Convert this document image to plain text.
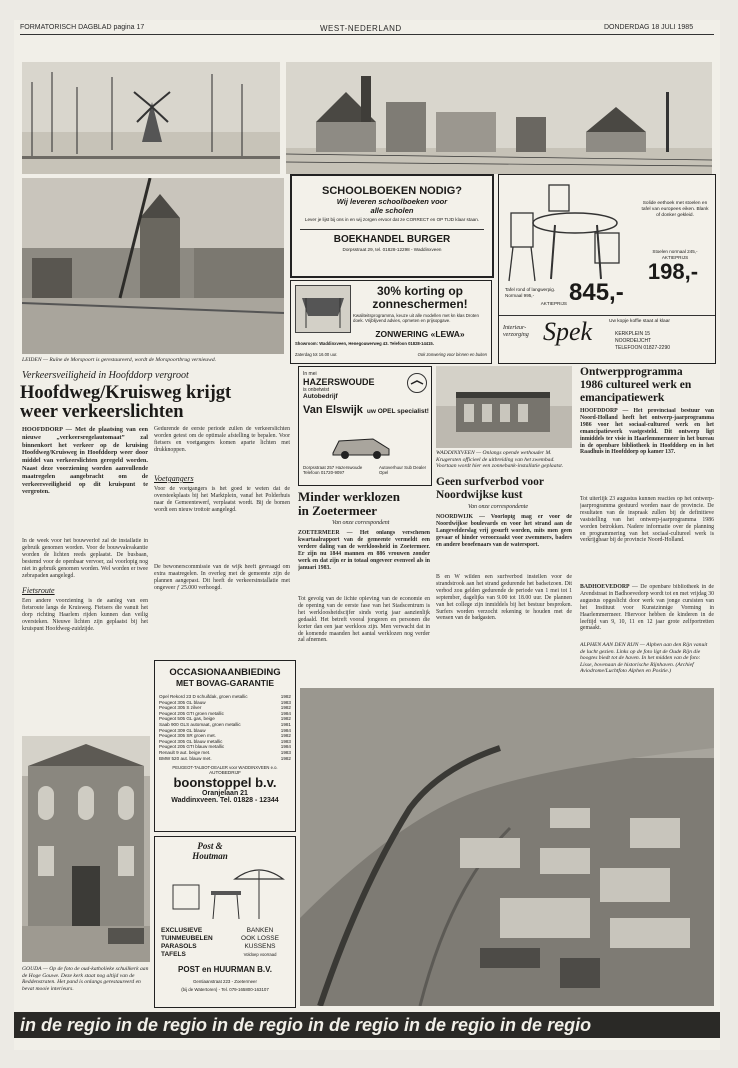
FORMATORISCH DAGBLAD pagina 17	WEST-NEDERLAND	DONDERDAG 18 JULI 1985
LEIDEN — Ruïne de Morspoort is gerestaureerd, wordt de Morspoortbrug vernieuwd.
SCHOOLBOEKEN NODIG?
Wij leveren schoolboeken voor
alle scholen
Lever je lijst bij ons in en wij zorgen ervoor dat ze CORRECT en OP TIJD klaar staan.
BOEKHANDEL BURGER
Dorpsstraat 29, tel. 01828-12298 - Waddinxveen
30% korting op zonneschermen!
Kwaliteitsprogramma, keuze uit alle modellen met kn klas Droten doek. Vrijblijvend advies, opmeten en prijsopgave.
ZONWERING «LEWA»
Showroom: Waddinxveen, Henegouwerweg 43. Telefoon 01828-14415.
Zaterdag tot 16.00 uur.	Ook zonwering voor binnen en buiten
Solide eethoek met stoelen en tafel van europees eiken. Blank of donker gekleid.
Stoelen normaal 245,- AKTIEPRIJS
198,-
Tafel rond of langwerpig. Normaal 995,-
AKTIEPRIJS 845,-
Interieur-verzorging Spek	Uw kopje koffie staat al klaar
KERKPLEIN 15
NOORDEIJCHT
TELEFOON 01827-2290
Verkeersveiligheid in Hoofddorp vergroot
Hoofdweg/Kruisweg krijgt
weer verkeerslichten
HOOFDDORP — Met de plaatsing van een nieuwe „verkeersregelautomaat” zal binnenkort het verkeer op de kruising Hoofdweg/Kruisweg in Hoofddorp weer door middel van verkeerslichten geregeld worden. Naast deze voorziening worden aanvullende maatregelen aangebracht om de verkeersveiligheid op dit kruispunt te vergroten.
In de week voor het bouwverlof zal de installatie in gebruik genomen worden. Voor de bouwvakvakantie worden de lichten reeds geplaatst. De busbaan, bestemd voor de openbaar vervoer, zal voorlopig nog niet in gebruik genomen worden. Wel worden er twee zebrapaden aangelegd.
Fietsroute
Een andere voorziening is de aanleg van een fietsroute langs de Kruisweg. Fietsers die vanuit het dorp richting Haarlem rijden kunnen dan veilig oversteken. Nieuwe lichten zijn geplaatst bij het kruispunt Hoofdweg-zuidzijde.
Gedurende de eerste periode zullen de verkeerslichten worden getest om de optimale afstelling te bepalen. Voor fietsers en voetgangers komen aparte lichten met drukknoppen.
Voetgangers
Voor de voetgangers is het goed te weten dat de oversteekplaats bij het Marktplein, vanaf het Polderhuis naar de Gemeentewerf, verplaatst wordt. Bij de bomen wordt een nieuw trottoir aangelegd.
De bewonerscommissie van de wijk heeft gevraagd om extra maatregelen. In overleg met de gemeente zijn de plannen aangepast. Dit heeft de verkeersinstallatie met ongeveer ƒ 25.000 verhoogd.
In mei
HAZERSWOUDE
is onbetwist
Autobedrijf
Van Elswijk uw OPEL specialist!
Dorpsstraat 257 Hazerswoude
Telefoon 01720-9097
Autoverhuur Sub Dealer Opel
Minder werklozen
in Zoetermeer
Van onze correspondent
ZOETERMEER — Het onlangs verschenen kwartaalrapport van de gemeente vermeldt een verdere daling van de werkloosheid in Zoetermeer. Er zijn nu 1844 mannen en 886 vrouwen zonder werk en dat zijn er in totaal ongeveer evenveel als in januari 1983.
Tot gevolg van de lichte opleving van de economie en de opening van de eerste fase van het Stadscentrum is het werkloosheidscijfer sinds vorig jaar aanzienlijk gedaald. Het betreft vooral jongeren en personen die korter dan een jaar werkloos zijn. Men verwacht dat in de komende maanden het aantal werklozen nog verder zal afnemen.
WADDINXVEEN — Onlangs opende wethouder M. Krugersten officieel de uitbreiding van het zwembad. Voortaan wordt hier een zonnebank-installatie geplaatst.
Geen surfverbod voor
Noordwijkse kust
Van onze correspondente
NOORDWIJK — Voorlopig mag er voor de Noordwijkse boulevards en voor het strand aan de Langevelderslag vrij gesurft worden, mits men geen gevaar of hinder veroorzaakt voor zwemmers, baders en andere beoefenaars van de watersport.
B en W wilden een surfverbod instellen voor de strandstrook aan het strand gedurende het badseizoen. Dit verbod zou gelden gedurende de periode van 1 mei tot 1 september, dagelijks van 9.00 tot 18.00 uur. De plannen van het college zijn inmiddels bij het bestuur besproken. Surfers worden verzocht rekening te houden met de wensen van de badgasten.
Ontwerpprogramma
1986 cultureel werk en
emancipatiewerk
HOOFDDORP — Het provinciaal bestuur van Noord-Holland heeft het ontwerp-jaarprogramma 1986 voor het sociaal-cultureel werk en het emancipatiewerk vastgesteld. Dit ontwerp ligt inmiddels ter visie in Haarlemmermeer in het bureau in de openbare bibliotheek in Hoofddorp en in het Raadhuis in Hoofddorp op kamer 137.
Tot uiterlijk 23 augustus kunnen reacties op het ontwerp-jaarprogramma gestuurd worden naar de provincie. De resultaten van de inspraak zullen bij de definitieve vaststelling van het ontwerp-jaarprogramma 1986 worden betrokken. Nadere informatie over de planning en programmering van het sociaal-cultureel werk is verkrijgbaar bij de provincie Noord-Holland.
BADHOEVEDORP — De openbare bibliotheek in de Arendstraat in Badhoevedorp wordt tot en met vrijdag 30 augustus opgeslicht door werk van jonge cursisten van het Instituut voor Kunstzinnige Vorming in Haarlemmermeer. Hiervoor hebben de kinderen in de leeftijd van 9, 10, 11 en 12 jaar grote zelfportretten gemaakt.
ALPHEN AAN DEN RIJN — Alphen aan den Rijn vanuit de lucht gezien. Links op de foto ligt de Oude Rijn die hoogtes biedt tot de haven. In het midden van de foto: Lisse, bovenaan de historische Rijnhaven. (Archief Aviodrome/Luchtfoto Alphen en Positie.)
OCCASIONAANBIEDING
MET BOVAG-GARANTIE
Opel Rekord 23 D schuifdak, groen metallic	1982
Peugeot 305 GL blauw	1983
Peugeot 305 S zilver	1982
Peugeot 205 GTI groen metallic	1984
Peugeot 505 GL gas, beige	1982
Saab 900 GLS automaat, groen metallic	1981
Peugeot 309 GL blauw	1984
Peugeot 305 SR groen met.	1982
Peugeot 305 GL blauw metallic	1983
Peugeot 205 GTI blauw metallic	1984
Renault 9 aut. beige met.	1983
BMW 520 aut. blauw met.	1982
PEUGEOT-TALBOT-DEALER voor WADDINXVEEN e.o.
AUTOBEDRIJF
boonstoppel b.v.
Oranjelaan 21
Waddinxveen. Tel. 01828 - 12344
Post & Houtman
EXCLUSIEVE
TUINMEUBELEN
PARASOLS
TAFELS
BANKEN
OOK LOSSE
KUSSENS
Voldoep voorraad
POST en HUURMAN B.V.
Gentiaanstraat 223 - Zoetermeer
(bij de Watertoren) - Tel. 079-165800-163107
GOUDA — Op de foto de oud-katholieke schuilkerk aan de Hoge Gouwe. Deze kerk staat nog altijd van de Reddenstraten. Het pand is onlangs gerestaureerd en bevat mooie interieurs.
in de regio in de regio in de regio in de regio in de regio in de regio
